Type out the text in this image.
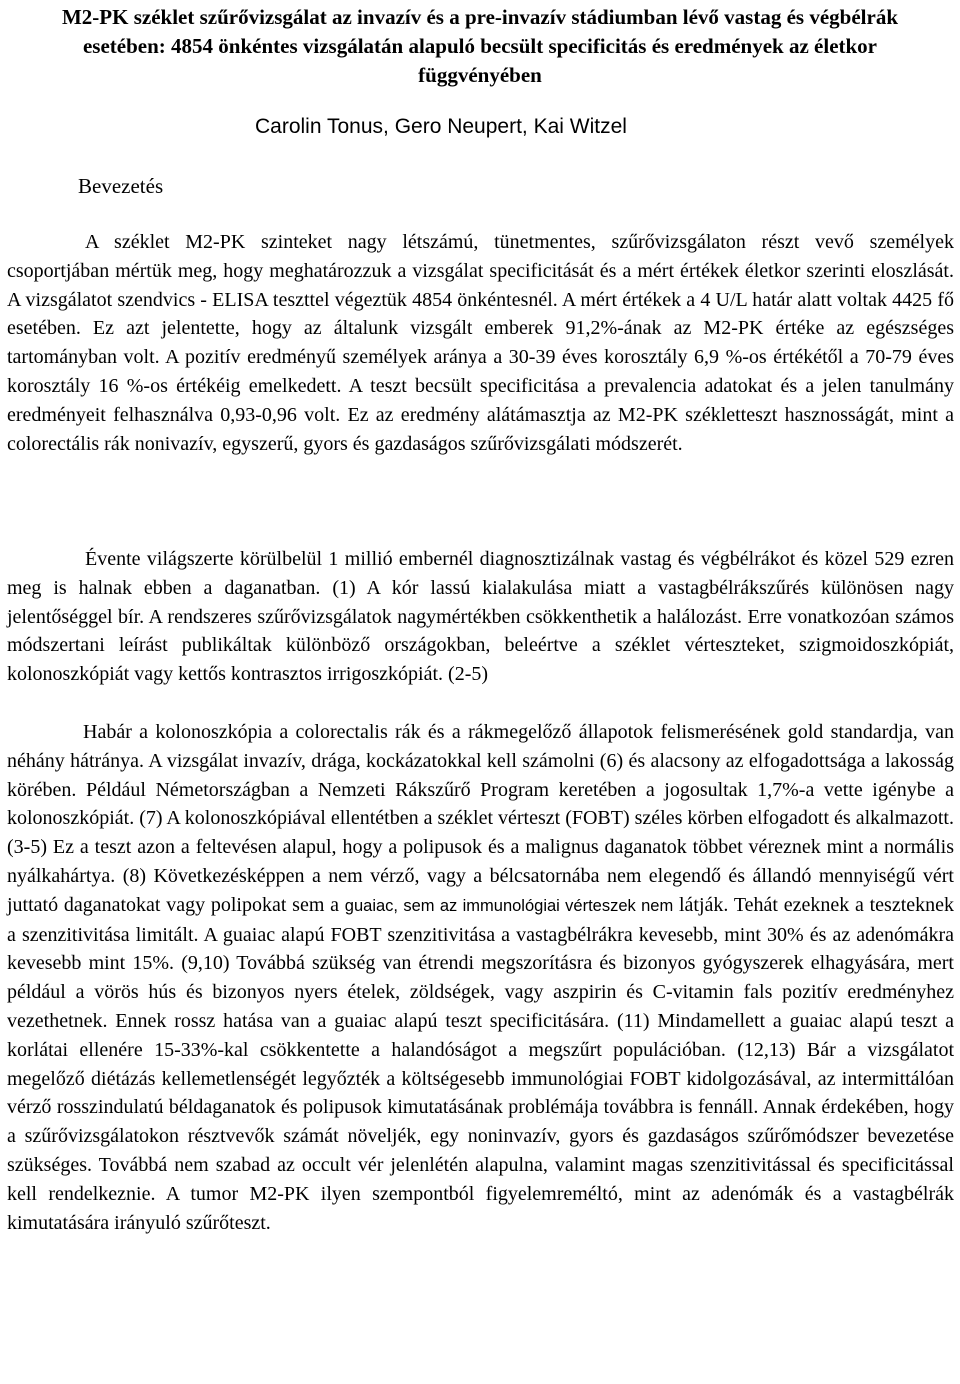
M2-PK széklet szűrővizsgálat az invazív és a pre-invazív stádiumban lévő vastag és végbélrák esetében: 4854 önkéntes vizsgálatán alapuló becsült specificitás és eredmények az életkor függvényében

Carolin Tonus, Gero Neupert, Kai Witzel

Bevezetés

A széklet M2-PK szinteket nagy létszámú, tünetmentes, szűrővizsgálaton részt vevő személyek csoportjában mértük meg, hogy meghatározzuk a vizsgálat specificitását és a mért értékek életkor szerinti eloszlását. A vizsgálatot szendvics - ELISA teszttel végeztük 4854 önkéntesnél. A mért értékek a 4 U/L határ alatt voltak 4425 fő esetében. Ez azt jelentette, hogy az általunk vizsgált emberek 91,2%-ának az M2-PK értéke az egészséges tartományban volt. A pozitív eredményű személyek aránya a 30-39 éves korosztály 6,9 %-os értékétől a 70-79 éves korosztály 16 %-os értékéig emelkedett. A teszt becsült specificitása a prevalencia adatokat és a jelen tanulmány eredményeit felhasználva 0,93-0,96 volt. Ez az eredmény alátámasztja az M2-PK székletteszt hasznosságát, mint a colorectális rák nonivazív, egyszerű, gyors és gazdaságos szűrővizsgálati módszerét.

Évente világszerte körülbelül 1 millió embernél diagnosztizálnak vastag és végbélrákot és közel 529 ezren meg is halnak ebben a daganatban. (1) A kór lassú kialakulása miatt a vastagbélrákszűrés különösen nagy jelentőséggel bír. A rendszeres szűrővizsgálatok nagymértékben csökkenthetik a halálozást. Erre vonatkozóan számos módszertani leírást publikáltak különböző országokban, beleértve a széklet vérteszteket, szigmoidoszkópiát, kolonoszkópiát vagy kettős kontrasztos irrigoszkópiát. (2-5)

Habár a kolonoszkópia a colorectalis rák és a rákmegelőző állapotok felismerésének gold standardja, van néhány hátránya. A vizsgálat invazív, drága, kockázatokkal kell számolni (6) és alacsony az elfogadottsága a lakosság körében. Például Németországban a Nemzeti Rákszűrő Program keretében a jogosultak 1,7%-a vette igénybe a kolonoszkópiát. (7) A kolonoszkópiával ellentétben a széklet vérteszt (FOBT) széles körben elfogadott és alkalmazott. (3-5) Ez a teszt azon a feltevésen alapul, hogy a polipusok és a malignus daganatok többet véreznek mint a normális nyálkahártya. (8) Következésképpen a nem vérző, vagy a bélcsatornába nem elegendő és állandó mennyiségű vért juttató daganatokat vagy polipokat sem a guaiac, sem az immunológiai vérteszek nem látják. Tehát ezeknek a teszteknek a szenzitivitása limitált. A guaiac alapú FOBT szenzitivitása a vastagbélrákra kevesebb, mint 30% és az adenómákra kevesebb mint 15%. (9,10) Továbbá szükség van étrendi megszorításra és bizonyos gyógyszerek elhagyására, mert például a vörös hús és bizonyos nyers ételek, zöldségek, vagy aszpirin és C-vitamin fals pozitív eredményhez vezethetnek. Ennek rossz hatása van a guaiac alapú teszt specificitására. (11) Mindamellett a guaiac alapú teszt a korlátai ellenére 15-33%-kal csökkentette a halandóságot a megszűrt populációban. (12,13) Bár a vizsgálatot megelőző diétázás kellemetlenségét legyőzték a költségesebb immunológiai FOBT kidolgozásával, az intermittálóan vérző rosszindulatú béldaganatok és polipusok kimutatásának problémája továbbra is fennáll. Annak érdekében, hogy a szűrővizsgálatokon résztvevők számát növeljék, egy noninvazív, gyors és gazdaságos szűrőmódszer bevezetése szükséges. Továbbá nem szabad az occult vér jelenlétén alapulna, valamint magas szenzitivitással és specificitással kell rendelkeznie. A tumor M2-PK ilyen szempontból figyelemreméltó, mint az adenómák és a vastagbélrák kimutatására irányuló szűrőteszt.
